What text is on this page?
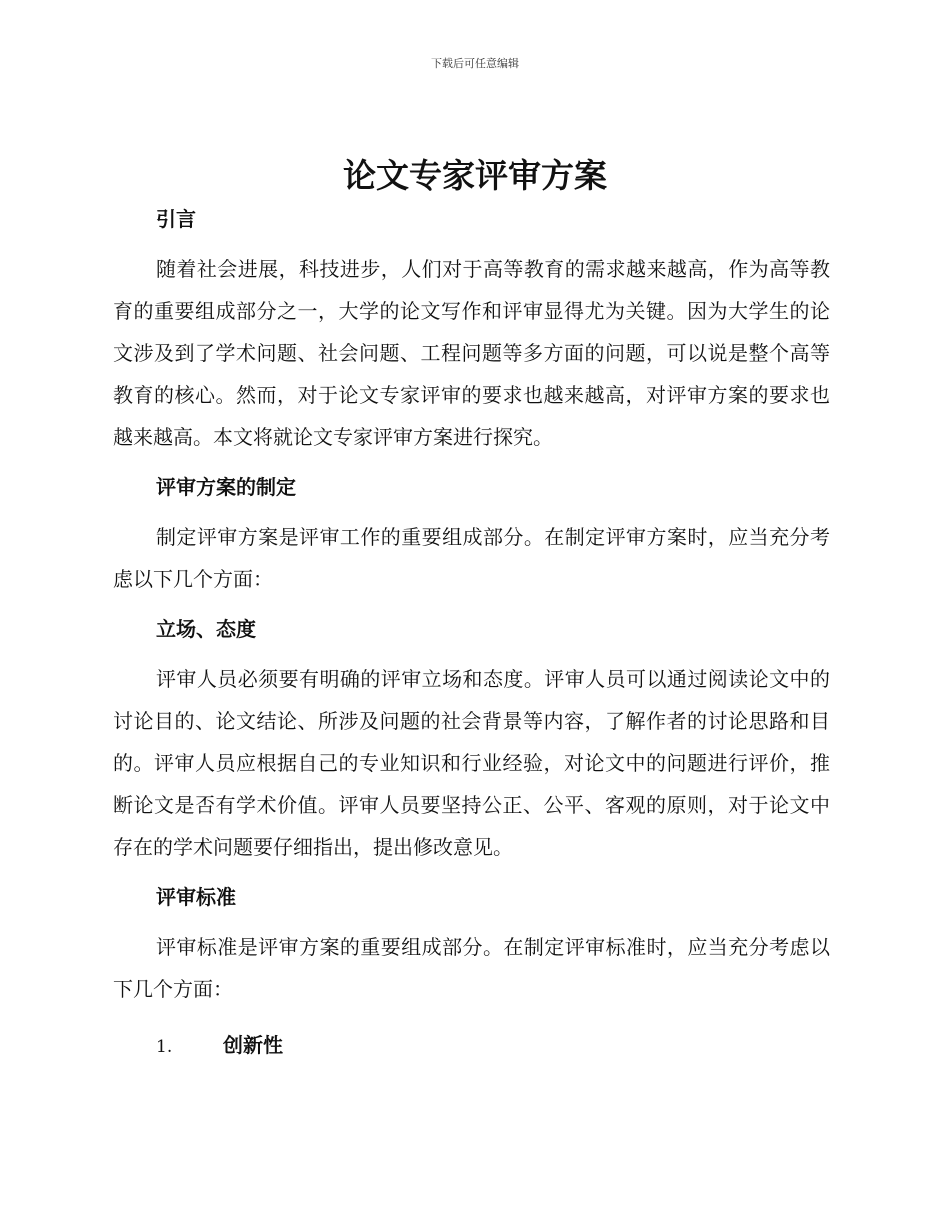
下载后可任意编辑
论文专家评审方案

引言

随着社会进展，科技进步，人们对于高等教育的需求越来越高，作为高等教育的重要组成部分之一，大学的论文写作和评审显得尤为关键。因为大学生的论文涉及到了学术问题、社会问题、工程问题等多方面的问题，可以说是整个高等教育的核心。然而，对于论文专家评审的要求也越来越高，对评审方案的要求也越来越高。本文将就论文专家评审方案进行探究。

评审方案的制定

制定评审方案是评审工作的重要组成部分。在制定评审方案时，应当充分考虑以下几个方面：

立场、态度

评审人员必须要有明确的评审立场和态度。评审人员可以通过阅读论文中的讨论目的、论文结论、所涉及问题的社会背景等内容，了解作者的讨论思路和目的。评审人员应根据自己的专业知识和行业经验，对论文中的问题进行评价，推断论文是否有学术价值。评审人员要坚持公正、公平、客观的原则，对于论文中存在的学术问题要仔细指出，提出修改意见。

评审标准

评审标准是评审方案的重要组成部分。在制定评审标准时，应当充分考虑以下几个方面：

1.	创新性
